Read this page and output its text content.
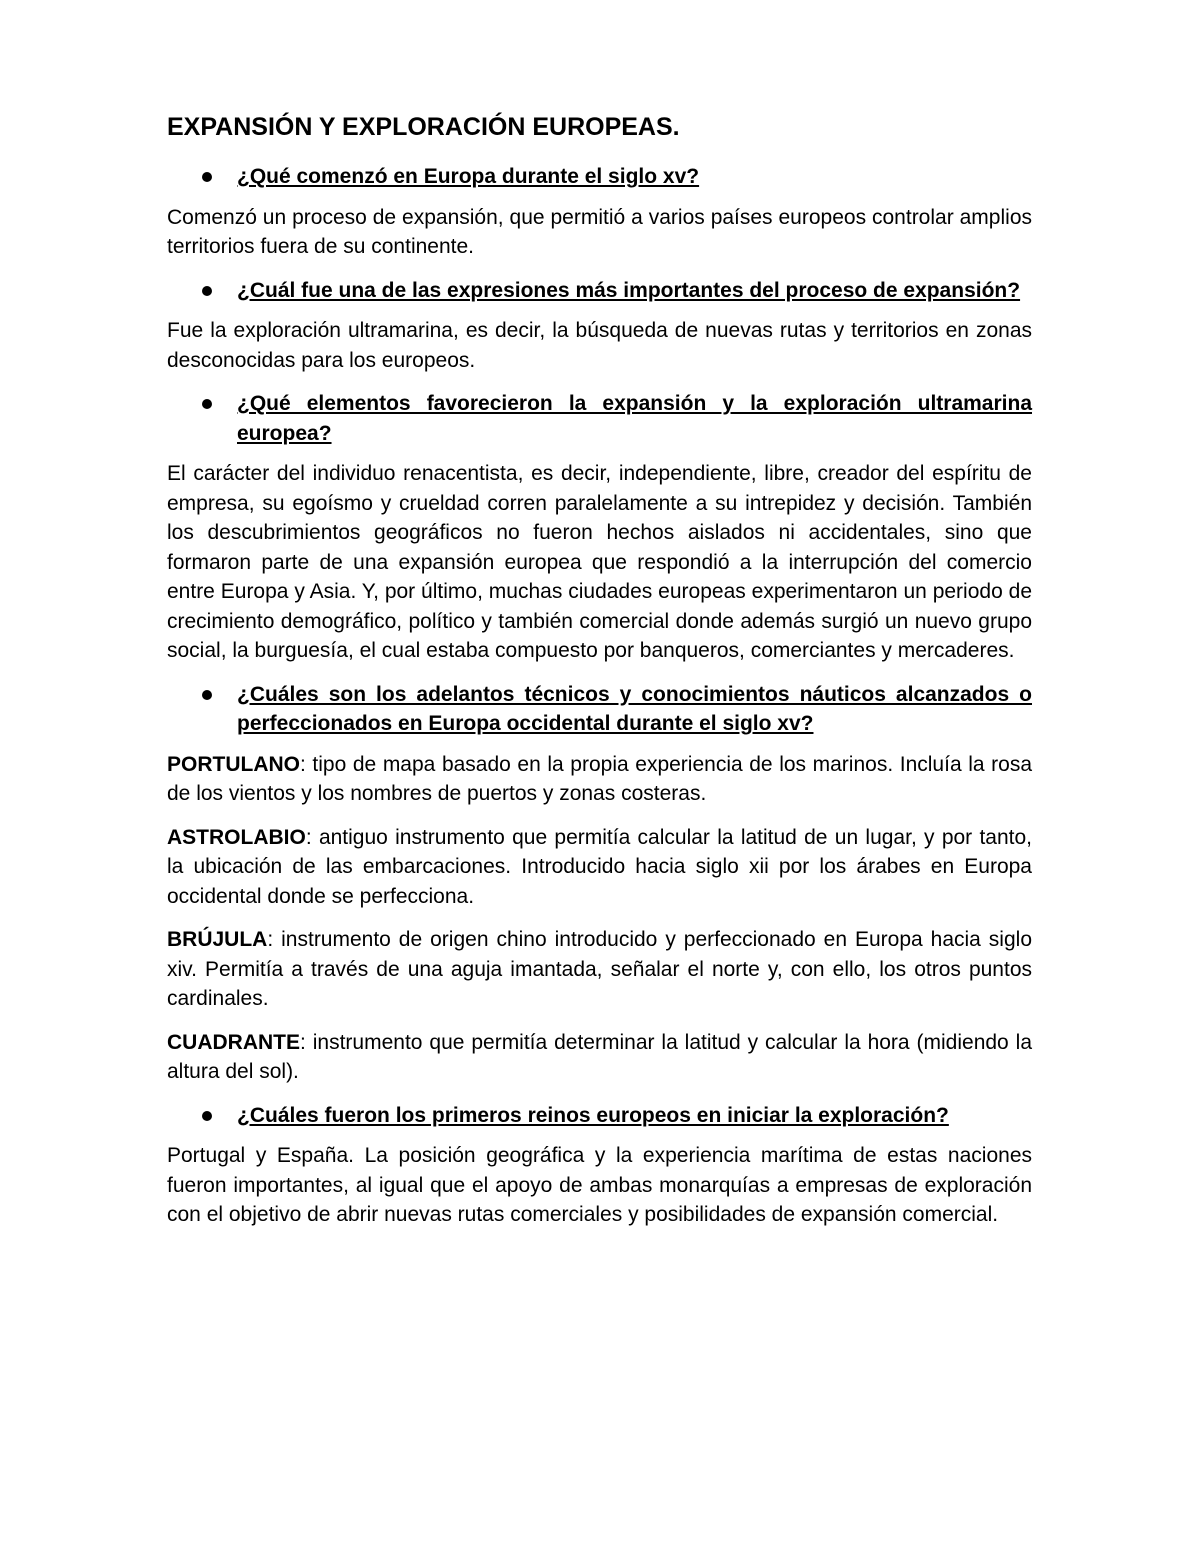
EXPANSIÓN Y EXPLORACIÓN EUROPEAS.
¿Qué comenzó en Europa durante el siglo xv?

Comenzó un proceso de expansión, que permitió a varios países europeos controlar amplios territorios fuera de su continente.

¿Cuál fue una de las expresiones más importantes del proceso de expansión?

Fue la exploración ultramarina, es decir, la búsqueda de nuevas rutas y territorios en zonas desconocidas para los europeos.

¿Qué elementos favorecieron la expansión y la exploración ultramarina europea?

El carácter del individuo renacentista, es decir, independiente, libre, creador del espíritu de empresa, su egoísmo y crueldad corren paralelamente a su intrepidez y decisión. También los descubrimientos geográficos no fueron hechos aislados ni accidentales, sino que formaron parte de una expansión europea que respondió a la interrupción del comercio entre Europa y Asia. Y, por último, muchas ciudades europeas experimentaron un periodo de crecimiento demográfico, político y también comercial donde además surgió un nuevo grupo social, la burguesía, el cual estaba compuesto por banqueros, comerciantes y mercaderes.

¿Cuáles son los adelantos técnicos y conocimientos náuticos alcanzados o perfeccionados en Europa occidental durante el siglo xv?

PORTULANO: tipo de mapa basado en la propia experiencia de los marinos. Incluía la rosa de los vientos y los nombres de puertos y zonas costeras.

ASTROLABIO: antiguo instrumento que permitía calcular la latitud de un lugar, y por tanto, la ubicación de las embarcaciones. Introducido hacia siglo xii por los árabes en Europa occidental donde se perfecciona.

BRÚJULA: instrumento de origen chino introducido y perfeccionado en Europa hacia siglo xiv. Permitía a través de una aguja imantada, señalar el norte y, con ello, los otros puntos cardinales.

CUADRANTE: instrumento que permitía determinar la latitud y calcular la hora (midiendo la altura del sol).

¿Cuáles fueron los primeros reinos europeos en iniciar la exploración?

Portugal y España. La posición geográfica y la experiencia marítima de estas naciones fueron importantes, al igual que el apoyo de ambas monarquías a empresas de exploración con el objetivo de abrir nuevas rutas comerciales y posibilidades de expansión comercial.
